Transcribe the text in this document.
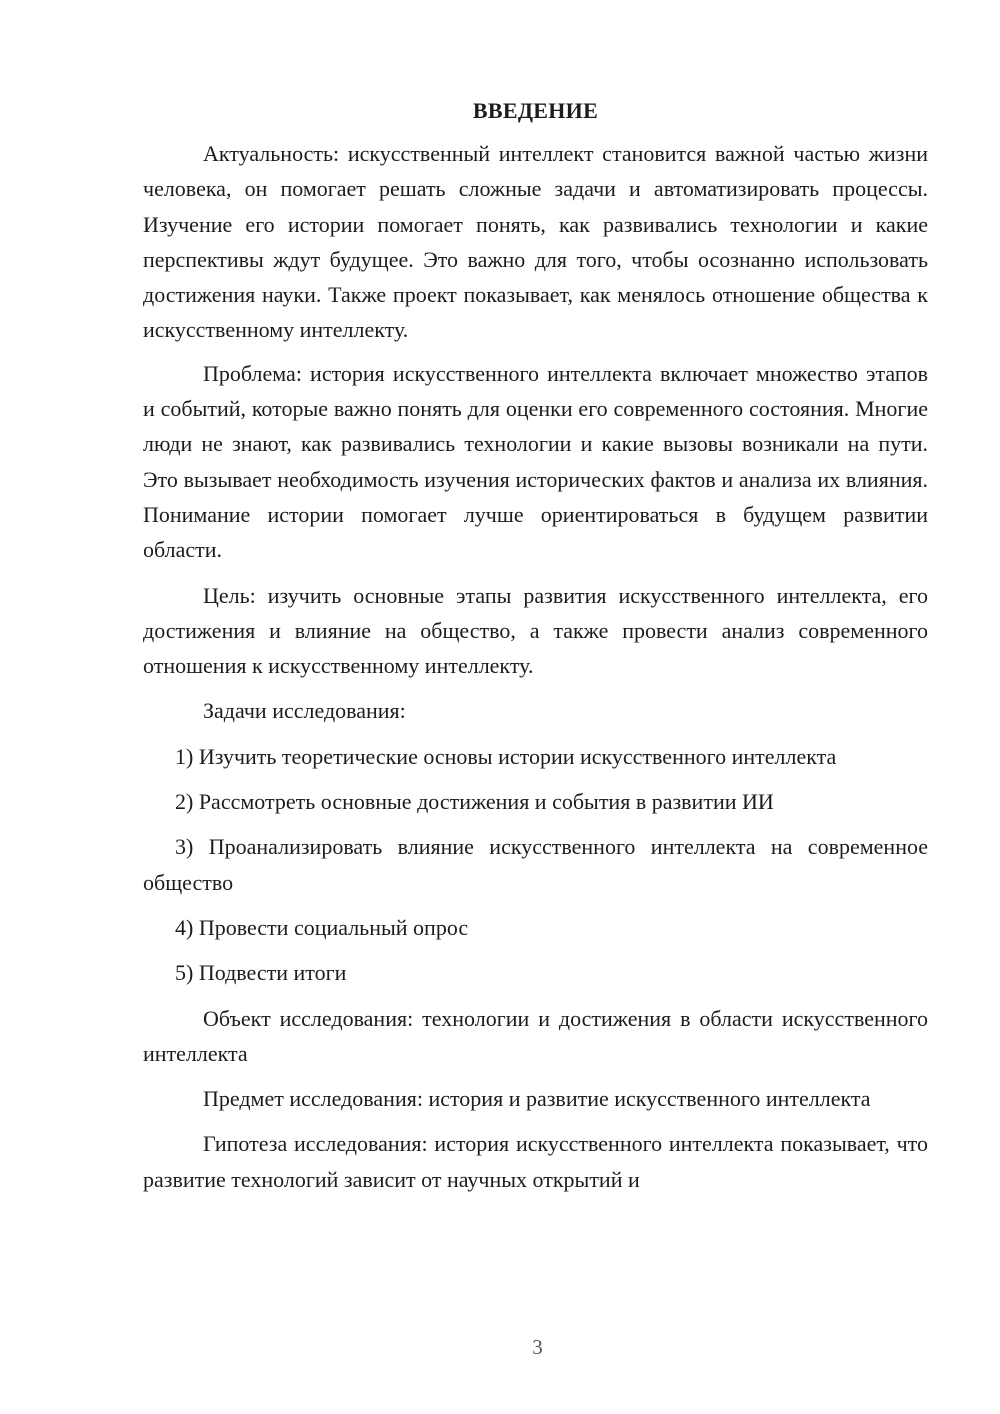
ВВЕДЕНИЕ

Актуальность: искусственный интеллект становится важной частью жизни человека, он помогает решать сложные задачи и автоматизировать процессы. Изучение его истории помогает понять, как развивались технологии и какие перспективы ждут будущее. Это важно для того, чтобы осознанно использовать достижения науки. Также проект показывает, как менялось отношение общества к искусственному интеллекту.

Проблема: история искусственного интеллекта включает множество этапов и событий, которые важно понять для оценки его современного состояния. Многие люди не знают, как развивались технологии и какие вызовы возникали на пути. Это вызывает необходимость изучения исторических фактов и анализа их влияния. Понимание истории помогает лучше ориентироваться в будущем развитии области.

Цель: изучить основные этапы развития искусственного интеллекта, его достижения и влияние на общество, а также провести анализ современного отношения к искусственному интеллекту.

Задачи исследования:

1) Изучить теоретические основы истории искусственного интеллекта
2) Рассмотреть основные достижения и события в развитии ИИ
3) Проанализировать влияние искусственного интеллекта на современное общество
4) Провести социальный опрос
5) Подвести итоги

Объект исследования: технологии и достижения в области искусственного интеллекта

Предмет исследования: история и развитие искусственного интеллекта

Гипотеза исследования: история искусственного интеллекта показывает, что развитие технологий зависит от научных открытий и

3
